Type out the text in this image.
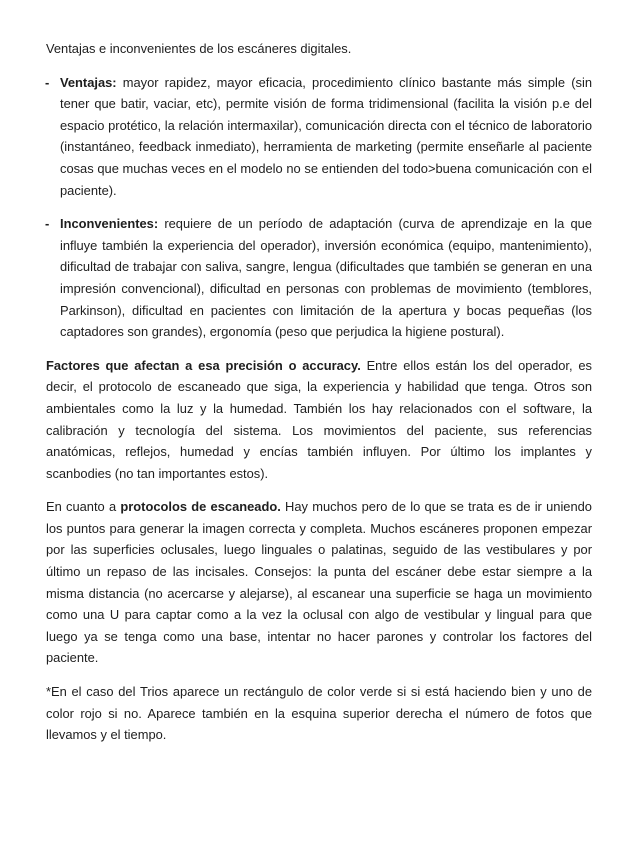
Ventajas e inconvenientes de los escáneres digitales.

- Ventajas: mayor rapidez, mayor eficacia, procedimiento clínico bastante más simple (sin tener que batir, vaciar, etc), permite visión de forma tridimensional (facilita la visión p.e del espacio protético, la relación intermaxilar), comunicación directa con el técnico de laboratorio (instantáneo, feedback inmediato), herramienta de marketing (permite enseñarle al paciente cosas que muchas veces en el modelo no se entienden del todo>buena comunicación con el paciente).
- Inconvenientes: requiere de un período de adaptación (curva de aprendizaje en la que influye también la experiencia del operador), inversión económica (equipo, mantenimiento), dificultad de trabajar con saliva, sangre, lengua (dificultades que también se generan en una impresión convencional), dificultad en personas con problemas de movimiento (temblores, Parkinson), dificultad en pacientes con limitación de la apertura y bocas pequeñas (los captadores son grandes), ergonomía (peso que perjudica la higiene postural).

Factores que afectan a esa precisión o accuracy. Entre ellos están los del operador, es decir, el protocolo de escaneado que siga, la experiencia y habilidad que tenga. Otros son ambientales como la luz y la humedad. También los hay relacionados con el software, la calibración y tecnología del sistema. Los movimientos del paciente, sus referencias anatómicas, reflejos, humedad y encías también influyen. Por último los implantes y scanbodies (no tan importantes estos).

En cuanto a protocolos de escaneado. Hay muchos pero de lo que se trata es de ir uniendo los puntos para generar la imagen correcta y completa. Muchos escáneres proponen empezar por las superficies oclusales, luego linguales o palatinas, seguido de las vestibulares y por último un repaso de las incisales. Consejos: la punta del escáner debe estar siempre a la misma distancia (no acercarse y alejarse), al escanear una superficie se haga un movimiento como una U para captar como a la vez la oclusal con algo de vestibular y lingual para que luego ya se tenga como una base, intentar no hacer parones y controlar los factores del paciente.

*En el caso del Trios aparece un rectángulo de color verde si si está haciendo bien y uno de color rojo si no. Aparece también en la esquina superior derecha el número de fotos que llevamos y el tiempo.
